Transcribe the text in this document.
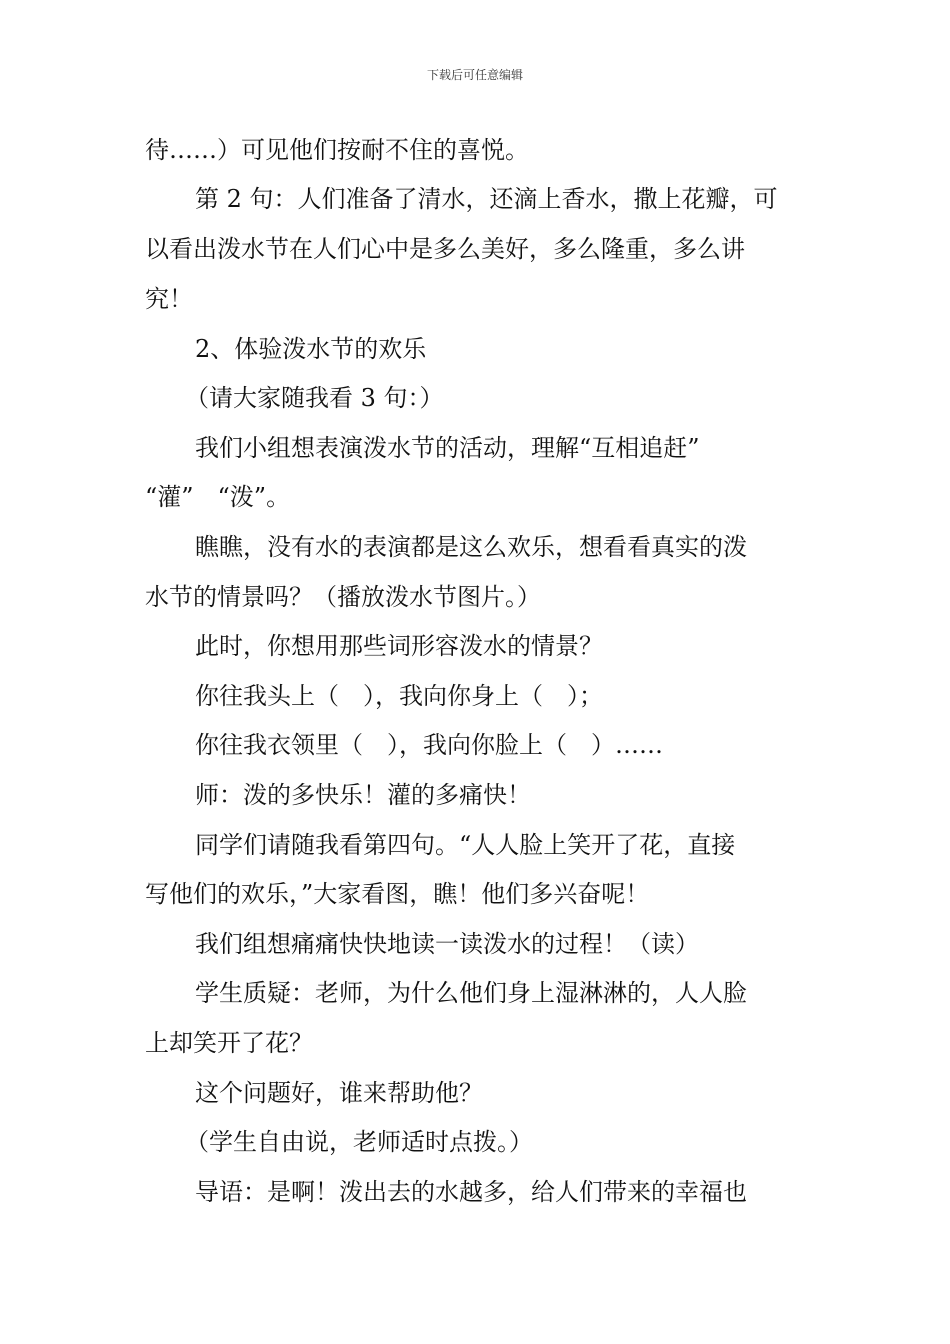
下载后可任意编辑
待……）可见他们按耐不住的喜悦。
第 2 句：人们准备了清水，还滴上香水，撒上花瓣，可
以看出泼水节在人们心中是多么美好，多么隆重，多么讲
究！
2、体验泼水节的欢乐
（请大家随我看 3 句：）
我们小组想表演泼水节的活动，理解“互相追赶”
“灌”　“泼”。
瞧瞧，没有水的表演都是这么欢乐，想看看真实的泼
水节的情景吗？（播放泼水节图片。）
此时，你想用那些词形容泼水的情景？
你往我头上（　），我向你身上（　）；
你往我衣领里（　），我向你脸上（　）……
师：泼的多快乐！灌的多痛快！
同学们请随我看第四句。“人人脸上笑开了花，直接
写他们的欢乐，”大家看图，瞧！他们多兴奋呢！
我们组想痛痛快快地读一读泼水的过程！（读）
学生质疑：老师，为什么他们身上湿淋淋的，人人脸
上却笑开了花？
这个问题好，谁来帮助他？
（学生自由说，老师适时点拨。）
导语：是啊！泼出去的水越多，给人们带来的幸福也
